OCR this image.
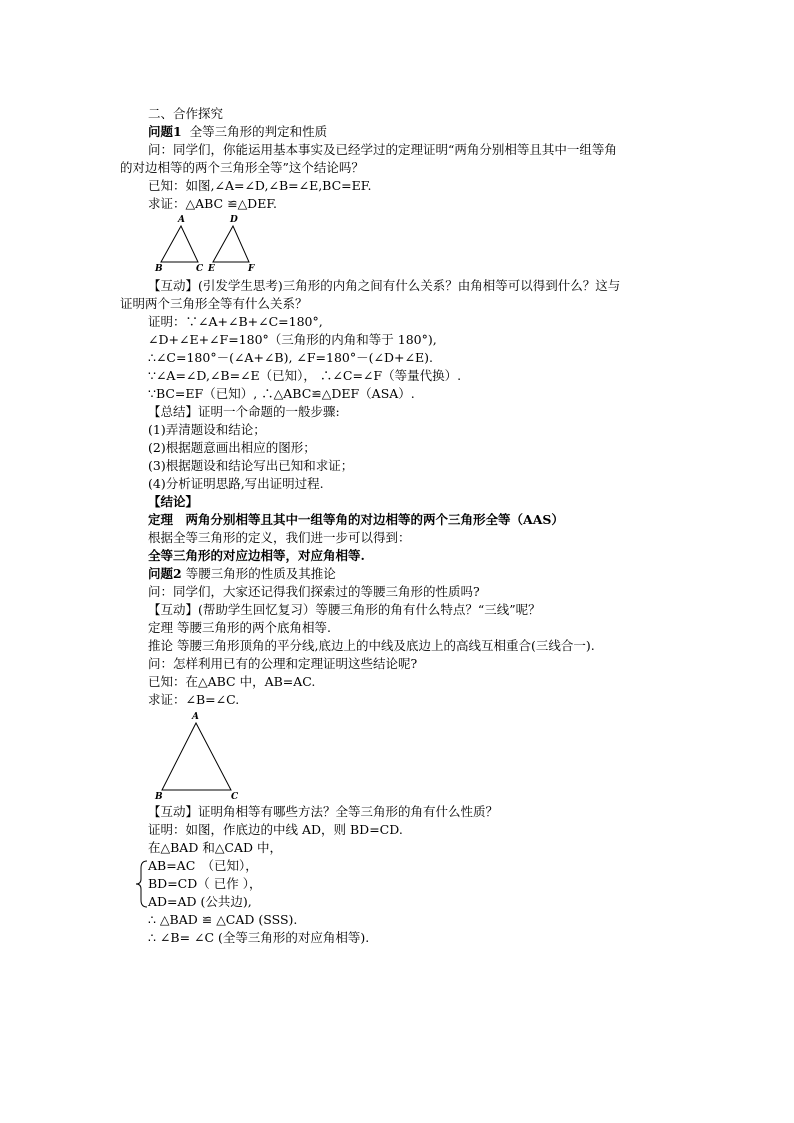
二、合作探究
问题1 全等三角形的判定和性质
问：同学们，你能运用基本事实及已经学过的定理证明“两角分别相等且其中一组等角
的对边相等的两个三角形全等”这个结论吗？
已知：如图,∠A=∠D,∠B=∠E,BC=EF.
求证：△ABC ≌△DEF.
A
B	C
D
E	F
【互动】(引发学生思考)三角形的内角之间有什么关系？由角相等可以得到什么？这与
证明两个三角形全等有什么关系？
证明：∵∠A+∠B+∠C=180°,
∠D+∠E+∠F=180°（三角形的内角和等于 180°),
∴∠C=180°－(∠A+∠B), ∠F=180°－(∠D+∠E).
∵∠A=∠D,∠B=∠E（已知）， ∴∠C=∠F（等量代换）.
∵BC=EF（已知）, ∴△ABC≌△DEF（ASA）.
【总结】证明一个命题的一般步骤:
(1)弄清题设和结论；
(2)根据题意画出相应的图形；
(3)根据题设和结论写出已知和求证；
(4)分析证明思路,写出证明过程.
【结论】
定理　两角分别相等且其中一组等角的对边相等的两个三角形全等（AAS）
根据全等三角形的定义，我们进一步可以得到：
全等三角形的对应边相等，对应角相等.
问题2 等腰三角形的性质及其推论
问：同学们，大家还记得我们探索过的等腰三角形的性质吗?
【互动】(帮助学生回忆复习）等腰三角形的角有什么特点？“三线”呢？
定理 等腰三角形的两个底角相等.
推论 等腰三角形顶角的平分线,底边上的中线及底边上的高线互相重合(三线合一).
问：怎样利用已有的公理和定理证明这些结论呢?
已知：在△ABC 中，AB=AC.
求证：∠B=∠C.
A
B	C
【互动】证明角相等有哪些方法？全等三角形的角有什么性质？
证明：如图，作底边的中线 AD，则 BD=CD.
在△BAD 和△CAD 中，
AB=AC　（已知），
BD=CD（ 已作 ），
AD=AD (公共边),
∴ △BAD ≌ △CAD (SSS).
∴ ∠B= ∠C (全等三角形的对应角相等).
